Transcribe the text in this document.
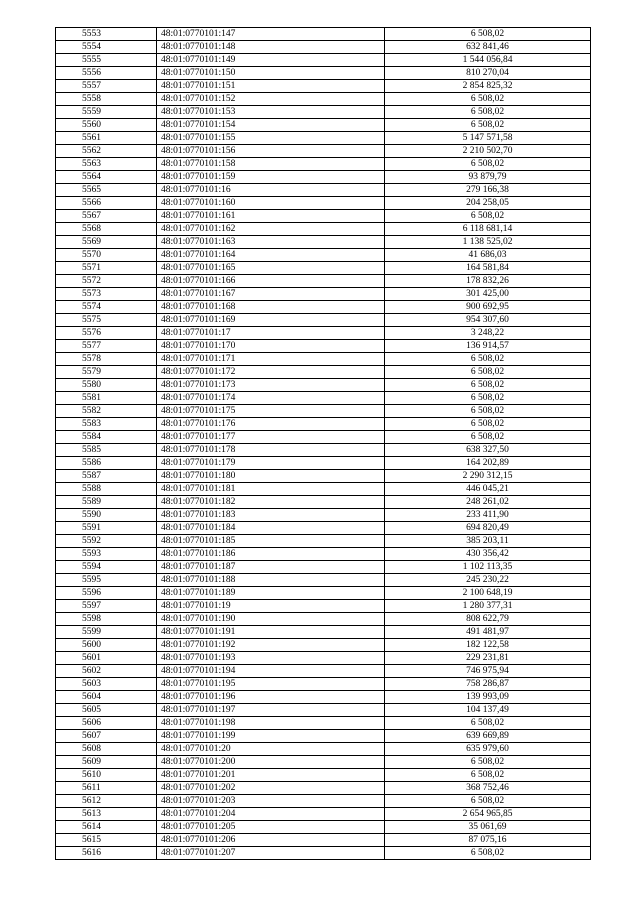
5553	48:01:0770101:147	6 508,02
5554	48:01:0770101:148	632 841,46
5555	48:01:0770101:149	1 544 056,84
5556	48:01:0770101:150	810 270,04
5557	48:01:0770101:151	2 854 825,32
5558	48:01:0770101:152	6 508,02
5559	48:01:0770101:153	6 508,02
5560	48:01:0770101:154	6 508,02
5561	48:01:0770101:155	5 147 571,58
5562	48:01:0770101:156	2 210 502,70
5563	48:01:0770101:158	6 508,02
5564	48:01:0770101:159	93 879,79
5565	48:01:0770101:16	279 166,38
5566	48:01:0770101:160	204 258,05
5567	48:01:0770101:161	6 508,02
5568	48:01:0770101:162	6 118 681,14
5569	48:01:0770101:163	1 138 525,02
5570	48:01:0770101:164	41 686,03
5571	48:01:0770101:165	164 581,84
5572	48:01:0770101:166	178 832,26
5573	48:01:0770101:167	301 425,00
5574	48:01:0770101:168	900 692,95
5575	48:01:0770101:169	954 307,60
5576	48:01:0770101:17	3 248,22
5577	48:01:0770101:170	136 914,57
5578	48:01:0770101:171	6 508,02
5579	48:01:0770101:172	6 508,02
5580	48:01:0770101:173	6 508,02
5581	48:01:0770101:174	6 508,02
5582	48:01:0770101:175	6 508,02
5583	48:01:0770101:176	6 508,02
5584	48:01:0770101:177	6 508,02
5585	48:01:0770101:178	638 327,50
5586	48:01:0770101:179	164 202,89
5587	48:01:0770101:180	2 290 312,15
5588	48:01:0770101:181	446 045,21
5589	48:01:0770101:182	248 261,02
5590	48:01:0770101:183	233 411,90
5591	48:01:0770101:184	694 820,49
5592	48:01:0770101:185	385 203,11
5593	48:01:0770101:186	430 356,42
5594	48:01:0770101:187	1 102 113,35
5595	48:01:0770101:188	245 230,22
5596	48:01:0770101:189	2 100 648,19
5597	48:01:0770101:19	1 280 377,31
5598	48:01:0770101:190	808 622,79
5599	48:01:0770101:191	491 481,97
5600	48:01:0770101:192	182 122,58
5601	48:01:0770101:193	229 231,81
5602	48:01:0770101:194	746 975,94
5603	48:01:0770101:195	758 286,87
5604	48:01:0770101:196	139 993,09
5605	48:01:0770101:197	104 137,49
5606	48:01:0770101:198	6 508,02
5607	48:01:0770101:199	639 669,89
5608	48:01:0770101:20	635 979,60
5609	48:01:0770101:200	6 508,02
5610	48:01:0770101:201	6 508,02
5611	48:01:0770101:202	368 752,46
5612	48:01:0770101:203	6 508,02
5613	48:01:0770101:204	2 654 965,85
5614	48:01:0770101:205	35 061,69
5615	48:01:0770101:206	87 075,16
5616	48:01:0770101:207	6 508,02
